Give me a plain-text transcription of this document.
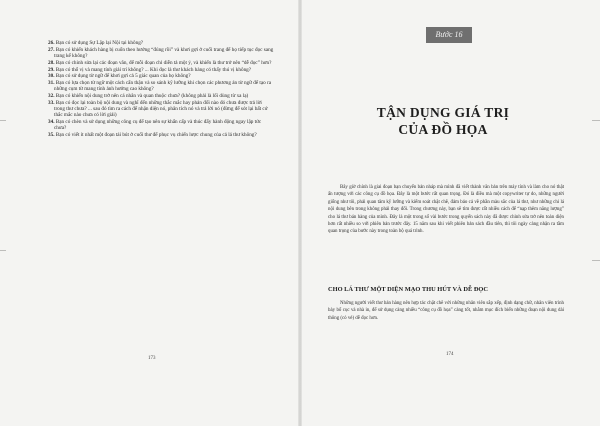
26. Bạn có sử dụng Sự Lặp lại Nội tại không?

27. Bạn có khiến khách hàng bị cuốn theo hướng “đúng rồi” và khơi gợi ở cuối trang để họ tiếp tục đọc sang trang kế không?

28. Bạn có chinh sửa lại các đoạn văn, để mỗi đoạn chỉ diễn tả một ý, và khiến là thư trở nên “dễ đọc” hơn?

29. Bạn có thổ vị và mang tính giải trí không? ... Khi đọc là thư khách hàng có thấy thú vị không?

30. Bạn có sử dụng từ ngữ để khơi gợi cả 5 giác quan của họ không?

31. Bạn có lựa chọn từ ngữ một cách cẩn thận và so sánh kỹ lưỡng khi chọn các phương án từ ngữ để tạo ra những cụm từ mang tính ảnh hưởng cao không?

32. Bạn có khiến nội dung trở nên cá nhân và quan thuộc chưa? (không phải là lối dùng từ xa lạ)

33. Bạn có đọc lại toàn bộ nội dung và nghĩ đến những thắc mắc hay phản đối nào đó chưa được trả lời trong thư chưa? ... sau đó tìm ra cách để nhận diện nó, phân tích nó và trả lời nó (đừng để sót lại bất cứ thắc mắc nào chưa có lời giải)

34. Bạn có chèn và sử dụng những công cụ để tạo nên sự khẩn cấp và thúc đẩy hành động ngay lập tức chưa?

35. Bạn có viết ít nhất một đoạn tái bút ở cuối thư để phục vụ chiến lược chung của cả lá thư không?

173
Bước 16
TẬN DỤNG GIÁ TRỊ
CỦA ĐỒ HỌA

Bây giờ chính là giai đoạn bạn chuyển bản nháp mà mình đã viết thành văn bản trên máy tính và làm cho nó thật ấn tượng với các công cụ đồ họa. Đây là một bước rất quan trọng. Đó là điều mà một copywriter tự do, những người giống như tôi, phải quan tâm kỹ lưỡng và kiểm soát chặt chẽ, đảm bảo cả về phần màu sắc của lá thư, như những chi lá nội dung bên trong không phải thay đổi. Trong chương này, bạn sẽ tìm được rất nhiều cách để “nạp thêm năng lượng” cho lá thư bán hàng của mình. Đây là một trong số vài bước trong quyển sách này đã được chỉnh sửa trở nên toàn diện hơn rất nhiều so với phiên bản trước đây. 15 năm sau khi viết phiên bản sách đầu tiên, thì tôi ngày càng nhận ra tầm quan trọng của bước này trong toàn bộ quá trình.

CHO LÁ THƯ MỘT DIỆN MẠO THU HÚT VÀ DỄ ĐỌC

Những người viết thư bán hàng nên hợp tác chặt chẽ với những nhân viên sắp xếp, định dạng chữ, nhân viên trình bày bố cục và nhà in, để sử dụng càng nhiều “công cụ đồ họa” càng tốt, nhằm mục đích biến những đoạn nội dung dài thông (có vẻ) dễ đọc hơn.

174
